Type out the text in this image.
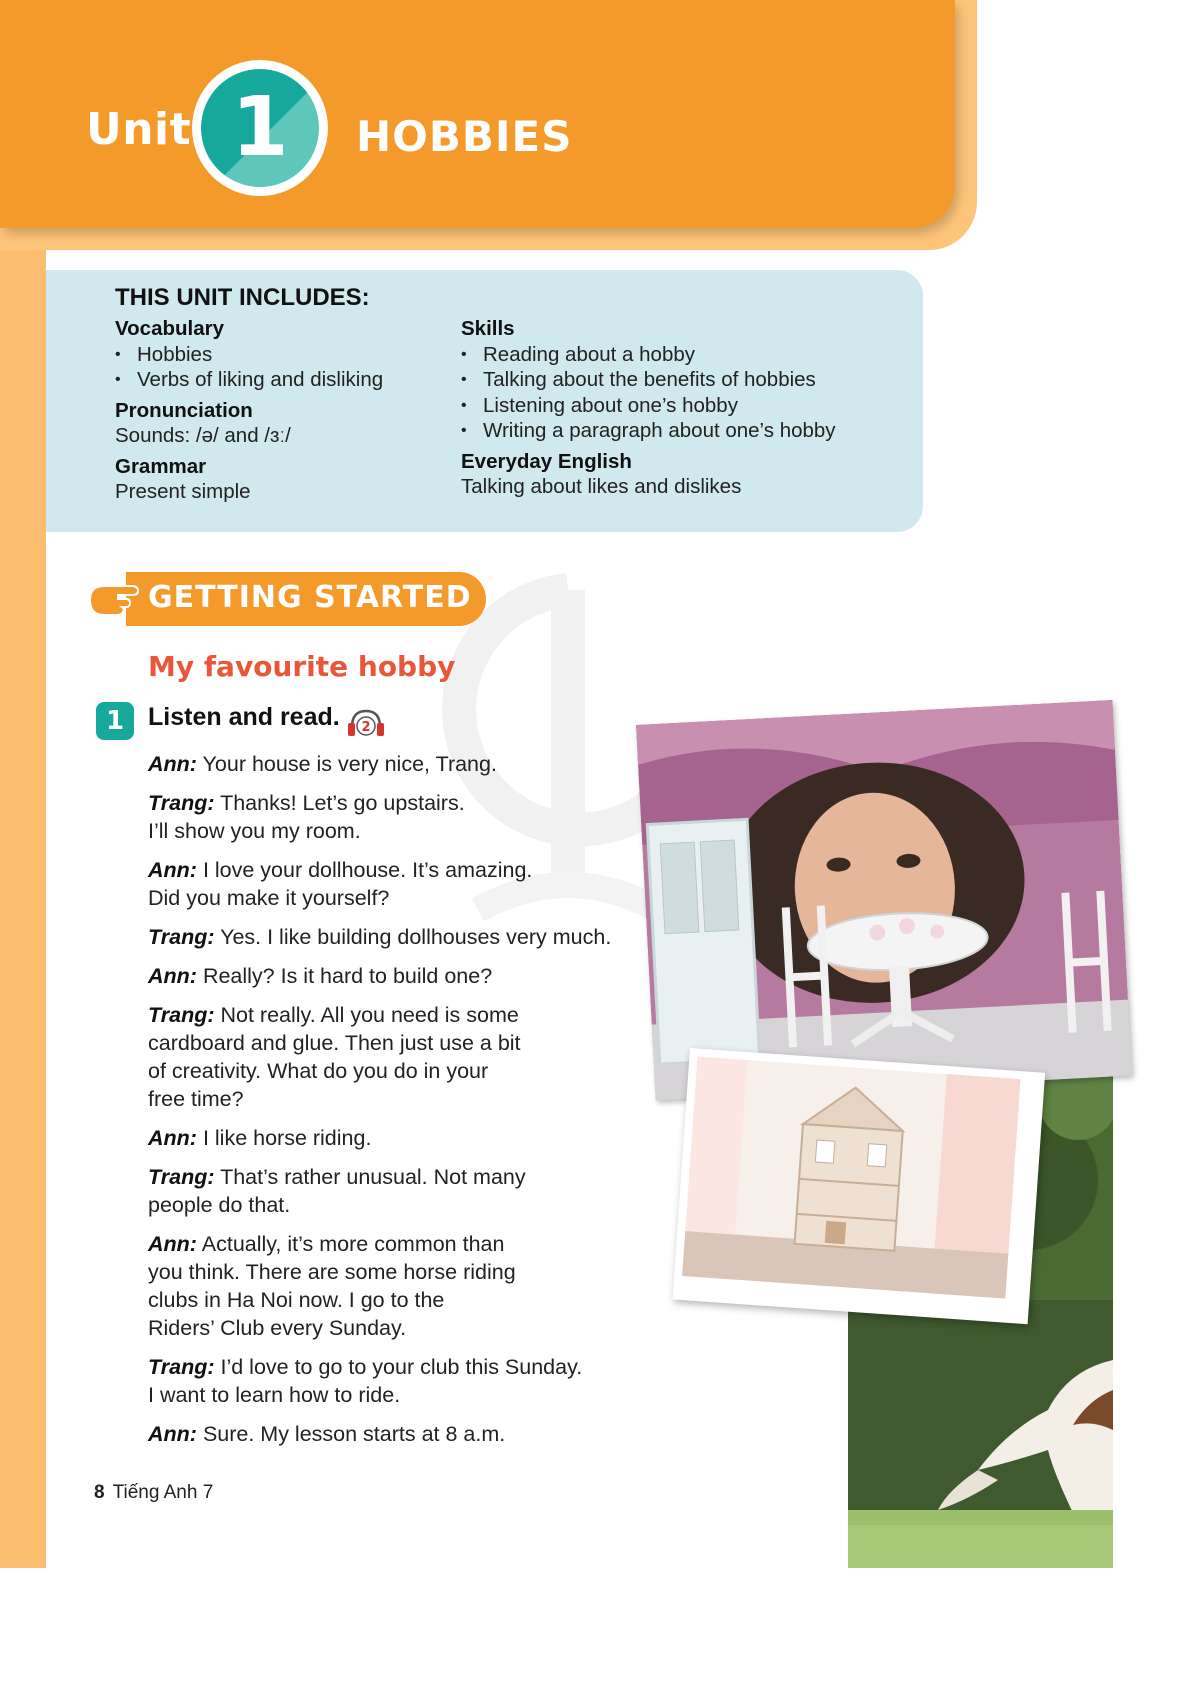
Unit 1	HOBBIES
THIS UNIT INCLUDES:
Vocabulary
• Hobbies
• Verbs of liking and disliking
Pronunciation
Sounds: /ə/ and /ɜː/
Grammar
Present simple
Skills
• Reading about a hobby
• Talking about the benefits of hobbies
• Listening about one’s hobby
• Writing a paragraph about one’s hobby
Everyday English
Talking about likes and dislikes
GETTING STARTED
My favourite hobby
1 Listen and read. 2
Ann: Your house is very nice, Trang.
Trang: Thanks! Let’s go upstairs.
I’ll show you my room.
Ann: I love your dollhouse. It’s amazing.
Did you make it yourself?
Trang: Yes. I like building dollhouses very much.
Ann: Really? Is it hard to build one?
Trang: Not really. All you need is some
cardboard and glue. Then just use a bit
of creativity. What do you do in your
free time?
Ann: I like horse riding.
Trang: That’s rather unusual. Not many
people do that.
Ann: Actually, it’s more common than
you think. There are some horse riding
clubs in Ha Noi now. I go to the
Riders’ Club every Sunday.
Trang: I’d love to go to your club this Sunday.
I want to learn how to ride.
Ann: Sure. My lesson starts at 8 a.m.
8 Tiếng Anh 7
